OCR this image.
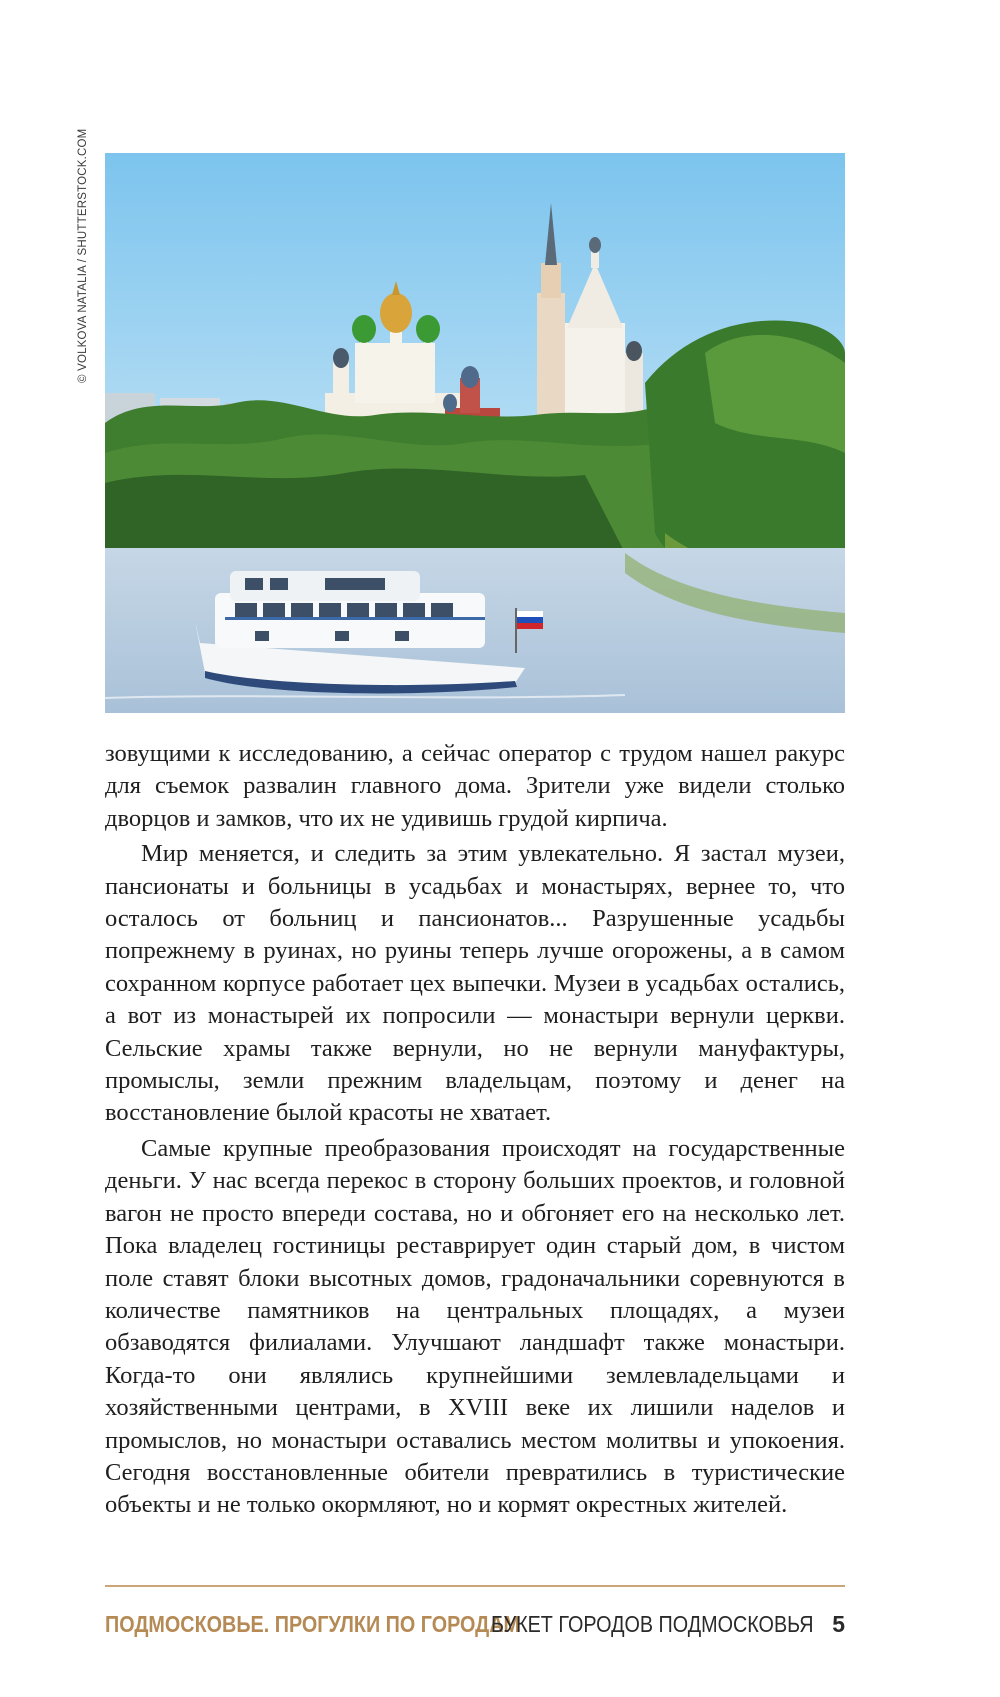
© VOLKOVA NATALIA / SHUTTERSTOCK.COM

зовущими к исследованию, а сейчас оператор с трудом нашел ракурс для съемок развалин главного дома. Зрители уже видели столько дворцов и замков, что их не удивишь грудой кирпича.

Мир меняется, и следить за этим увлекательно. Я застал музеи, пансионаты и больницы в усадьбах и монастырях, вернее то, что осталось от больниц и пансионатов... Разрушенные усадьбы попрежнему в руинах, но руины теперь лучше огорожены, а в самом сохранном корпусе работает цех выпечки. Музеи в усадьбах остались, а вот из монастырей их попросили — монастыри вернули церкви. Сельские храмы также вернули, но не вернули мануфактуры, промыслы, земли прежним владельцам, поэтому и денег на восстановление былой красоты не хватает.

Самые крупные преобразования происходят на государственные деньги. У нас всегда перекос в сторону больших проектов, и головной вагон не просто впереди состава, но и обгоняет его на несколько лет. Пока владелец гостиницы реставрирует один старый дом, в чистом поле ставят блоки высотных домов, градоначальники соревнуются в количестве памятников на центральных площадях, а музеи обзаводятся филиалами. Улучшают ландшафт также монастыри. Когда-то они являлись крупнейшими землевладельцами и хозяйственными центрами, в XVIII веке их лишили наделов и промыслов, но монастыри оставались местом молитвы и упокоения. Сегодня восстановленные обители превратились в туристические объекты и не только окормляют, но и кормят окрестных жителей.

ПОДМОСКОВЬЕ. ПРОГУЛКИ ПО ГОРОДАМ
БУКЕТ ГОРОДОВ ПОДМОСКОВЬЯ 5
